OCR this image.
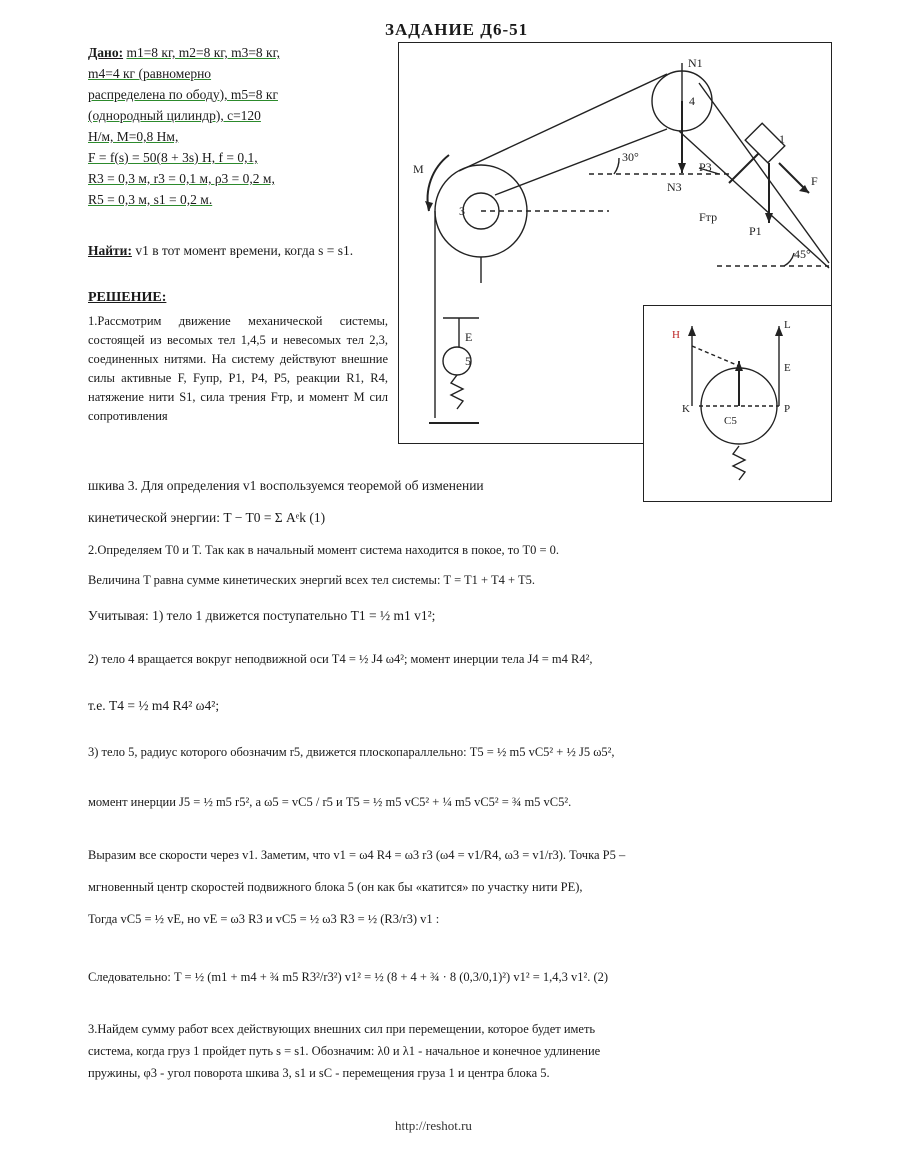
ЗАДАНИЕ Д6-51
Дано: m1=8 кг, m2=8 кг, m3=8 кг,
m4=4 кг (равномерно
распределена по ободу), m5=8 кг
(однородный цилиндр), c=120
Н/м, M=0,8 Нм,
F = f(s) = 50(8 + 3s) Н, f = 0,1,
R3 = 0,3 м, r3 = 0,1 м, ρ3 = 0,2 м,
R5 = 0,3 м, s1 = 0,2 м.
Найти: v1 в тот момент времени, когда s = s1.
РЕШЕНИЕ:
1.Рассмотрим движение механической системы, состоящей из весомых тел 1,4,5 и невесомых тел 2,3, соединенных нитями. На систему действуют внешние силы активные F, Fупр, P1, P4, P5, реакции R1, R4, натяжение нити S1, сила трения Fтр, и момент M сил сопротивления
30°
45°
N1
N3
M
F
P1
Fтр
1
4
3
E
P3
5
H
E
L
K	P
C5
шкива 3. Для определения v1 воспользуемся теоремой об изменении
кинетической энергии: T − T0 = Σ Aᵉk (1)
2.Определяем T0 и T. Так как в начальный момент система находится в покое, то T0 = 0.
Величина T равна сумме кинетических энергий всех тел системы: T = T1 + T4 + T5.
Учитывая: 1) тело 1 движется поступательно T1 = ½ m1 v1²;
2) тело 4 вращается вокруг неподвижной оси T4 = ½ J4 ω4²; момент инерции тела J4 = m4 R4²,
т.е. T4 = ½ m4 R4² ω4²;
3) тело 5, радиус которого обозначим r5, движется плоскопараллельно: T5 = ½ m5 vC5² + ½ J5 ω5²,
момент инерции J5 = ½ m5 r5², a ω5 = vC5 / r5 и T5 = ½ m5 vC5² + ¼ m5 vC5² = ¾ m5 vC5².
Выразим все скорости через v1. Заметим, что v1 = ω4 R4 = ω3 r3 (ω4 = v1/R4, ω3 = v1/r3). Точка P5 –
мгновенный центр скоростей подвижного блока 5 (он как бы «катится» по участку нити PE),
Тогда vC5 = ½ vE, но vE = ω3 R3 и vC5 = ½ ω3 R3 = ½ (R3/r3) v1 :
Следовательно: T = ½ (m1 + m4 + ¾ m5 R3²/r3²) v1² = ½ (8 + 4 + ¾ · 8 (0,3/0,1)²) v1² = 1,4,3 v1². (2)
3.Найдем сумму работ всех действующих внешних сил при перемещении, которое будет иметь
система, когда груз 1 пройдет путь s = s1. Обозначим: λ0 и λ1 - начальное и конечное удлинение
пружины, φ3 - угол поворота шкива 3, s1 и sC - перемещения груза 1 и центра блока 5.
http://reshot.ru
